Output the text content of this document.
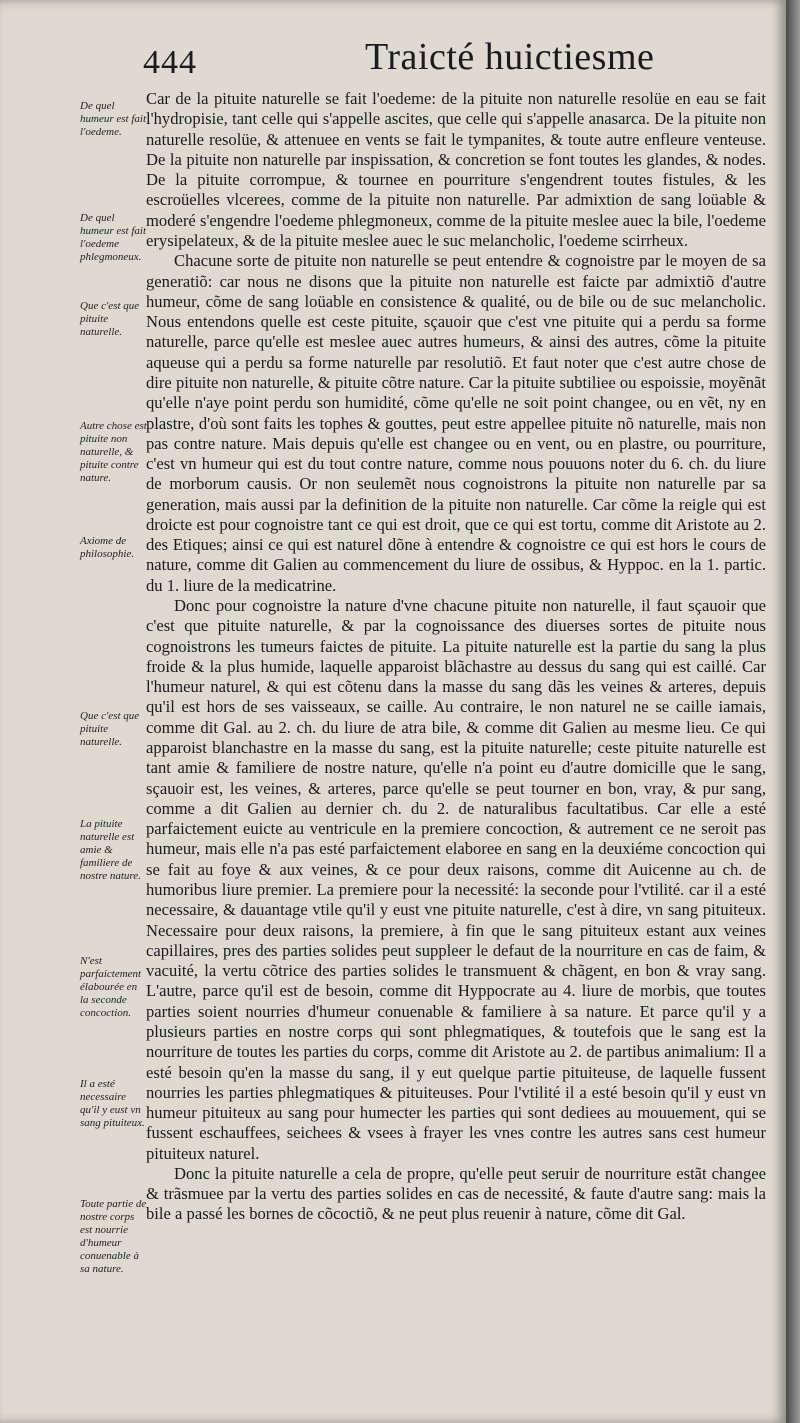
444	Traicté huictiesme

Car de la pituite naturelle se fait l'oedeme: de la pituite non naturelle resolüe en eau se fait l'hydropisie, tant celle qui s'appelle ascites, que celle qui s'appelle anasarca. De la pituite non naturelle resolüe, & attenuee en vents se fait le tympanites, & toute autre enfleure venteuse. De la pituite non naturelle par inspissation, & concretion se font toutes les glandes, & nodes. De la pituite corrompue, & tournee en pourriture s'engendrent toutes fistules, & les escroüelles vlcerees, comme de la pituite non naturelle. Par admixtion de sang loüable & moderé s'engendre l'oedeme phlegmoneux, comme de la pituite meslee auec la bile, l'oedeme erysipelateux, & de la pituite meslee auec le suc melancholic, l'oedeme scirrheux.

Chacune sorte de pituite non naturelle se peut entendre & cognoistre par le moyen de sa generatiõ: car nous ne disons que la pituite non naturelle est faicte par admixtiõ d'autre humeur, cõme de sang loüable en consistence & qualité, ou de bile ou de suc melancholic. Nous entendons quelle est ceste pituite, sçauoir que c'est vne pituite qui a perdu sa forme naturelle, parce qu'elle est meslee auec autres humeurs, & ainsi des autres, cõme la pituite aqueuse qui a perdu sa forme naturelle par resolutiõ. Et faut noter que c'est autre chose de dire pituite non naturelle, & pituite cõtre nature. Car la pituite subtiliee ou espoissie, moyẽnãt qu'elle n'aye point perdu son humidité, cõme qu'elle ne soit point changee, ou en vẽt, ny en plastre, d'où sont faits les tophes & gouttes, peut estre appellee pituite nõ naturelle, mais non pas contre nature. Mais depuis qu'elle est changee ou en vent, ou en plastre, ou pourriture, c'est vn humeur qui est du tout contre nature, comme nous pouuons noter du 6. ch. du liure de morborum causis. Or non seulemẽt nous cognoistrons la pituite non naturelle par sa generation, mais aussi par la definition de la pituite non naturelle. Car cõme la reigle qui est droicte est pour cognoistre tant ce qui est droit, que ce qui est tortu, comme dit Aristote au 2. des Etiques; ainsi ce qui est naturel dõne à entendre & cognoistre ce qui est hors le cours de nature, comme dit Galien au commencement du liure de ossibus, & Hyppoc. en la 1. partic. du 1. liure de la medicatrine.

Donc pour cognoistre la nature d'vne chacune pituite non naturelle, il faut sçauoir que c'est que pituite naturelle, & par la cognoissance des diuerses sortes de pituite nous cognoistrons les tumeurs faictes de pituite. La pituite naturelle est la partie du sang la plus froide & la plus humide, laquelle apparoist blãchastre au dessus du sang qui est caillé. Car l'humeur naturel, & qui est cõtenu dans la masse du sang dãs les veines & arteres, depuis qu'il est hors de ses vaisseaux, se caille. Au contraire, le non naturel ne se caille iamais, comme dit Gal. au 2. ch. du liure de atra bile, & comme dit Galien au mesme lieu. Ce qui apparoist blanchastre en la masse du sang, est la pituite naturelle; ceste pituite naturelle est tant amie & familiere de nostre nature, qu'elle n'a point eu d'autre domicille que le sang, sçauoir est, les veines, & arteres, parce qu'elle se peut tourner en bon, vray, & pur sang, comme a dit Galien au dernier ch. du 2. de naturalibus facultatibus. Car elle a esté parfaictement euicte au ventricule en la premiere concoction, & autrement ce ne seroit pas humeur, mais elle n'a pas esté parfaictement elaboree en sang en la deuxiéme concoction qui se fait au foye & aux veines, & ce pour deux raisons, comme dit Auicenne au ch. de humoribus liure premier. La premiere pour la necessité: la seconde pour l'vtilité. car il a esté necessaire, & dauantage vtile qu'il y eust vne pituite naturelle, c'est à dire, vn sang pituiteux. Necessaire pour deux raisons, la premiere, à fin que le sang pituiteux estant aux veines capillaires, pres des parties solides peut suppleer le defaut de la nourriture en cas de faim, & vacuité, la vertu cõtrice des parties solides le transmuent & chãgent, en bon & vray sang. L'autre, parce qu'il est de besoin, comme dit Hyppocrate au 4. liure de morbis, que toutes parties soient nourries d'humeur conuenable & familiere à sa nature. Et parce qu'il y a plusieurs parties en nostre corps qui sont phlegmatiques, & toutefois que le sang est la nourriture de toutes les parties du corps, comme dit Aristote au 2. de partibus animalium: Il a esté besoin qu'en la masse du sang, il y eut quelque partie pituiteuse, de laquelle fussent nourries les parties phlegmatiques & pituiteuses. Pour l'vtilité il a esté besoin qu'il y eust vn humeur pituiteux au sang pour humecter les parties qui sont dediees au mouuement, qui se fussent eschauffees, seichees & vsees à frayer les vnes contre les autres sans cest humeur pituiteux naturel.

Donc la pituite naturelle a cela de propre, qu'elle peut seruir de nourriture estãt changee & trãsmuee par la vertu des parties solides en cas de necessité, & faute d'autre sang: mais la bile a passé les bornes de cõcoctiõ, & ne peut plus reuenir à nature, cõme dit Gal.

De quel humeur est fait l'oedeme.
De quel humeur est fait l'oedeme phlegmoneux.
Que c'est que pituite naturelle.
Autre chose est pituite non naturelle, & pituite contre nature.
Axiome de philosophie.
Que c'est que pituite naturelle.
La pituite naturelle est amie & familiere de nostre nature.
N'est parfaictement élabourée en la seconde concoction.
Il a esté necessaire qu'il y eust vn sang pituiteux.
Toute partie de nostre corps est nourrie d'humeur conuenable à sa nature.
